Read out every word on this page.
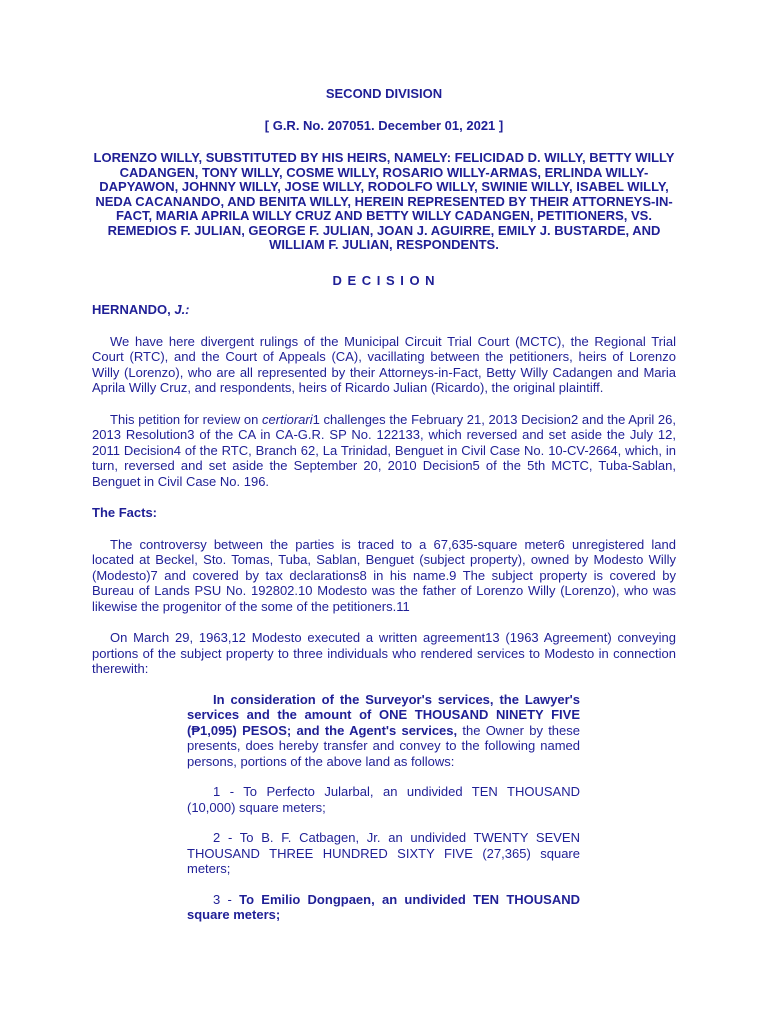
SECOND DIVISION
[ G.R. No. 207051. December 01, 2021 ]
LORENZO WILLY, SUBSTITUTED BY HIS HEIRS, NAMELY: FELICIDAD D. WILLY, BETTY WILLY CADANGEN, TONY WILLY, COSME WILLY, ROSARIO WILLY-ARMAS, ERLINDA WILLY-DAPYAWON, JOHNNY WILLY, JOSE WILLY, RODOLFO WILLY, SWINIE WILLY, ISABEL WILLY, NEDA CACANANDO, AND BENITA WILLY, HEREIN REPRESENTED BY THEIR ATTORNEYS-IN-FACT, MARIA APRILA WILLY CRUZ AND BETTY WILLY CADANGEN, PETITIONERS, VS. REMEDIOS F. JULIAN, GEORGE F. JULIAN, JOAN J. AGUIRRE, EMILY J. BUSTARDE, AND WILLIAM F. JULIAN, RESPONDENTS.
D E C I S I O N
HERNANDO, J.:

We have here divergent rulings of the Municipal Circuit Trial Court (MCTC), the Regional Trial Court (RTC), and the Court of Appeals (CA), vacillating between the petitioners, heirs of Lorenzo Willy (Lorenzo), who are all represented by their Attorneys-in-Fact, Betty Willy Cadangen and Maria Aprila Willy Cruz, and respondents, heirs of Ricardo Julian (Ricardo), the original plaintiff.

This petition for review on certiorari1 challenges the February 21, 2013 Decision2 and the April 26, 2013 Resolution3 of the CA in CA-G.R. SP No. 122133, which reversed and set aside the July 12, 2011 Decision4 of the RTC, Branch 62, La Trinidad, Benguet in Civil Case No. 10-CV-2664, which, in turn, reversed and set aside the September 20, 2010 Decision5 of the 5th MCTC, Tuba-Sablan, Benguet in Civil Case No. 196.

The Facts:

The controversy between the parties is traced to a 67,635-square meter6 unregistered land located at Beckel, Sto. Tomas, Tuba, Sablan, Benguet (subject property), owned by Modesto Willy (Modesto)7 and covered by tax declarations8 in his name.9 The subject property is covered by Bureau of Lands PSU No. 192802.10 Modesto was the father of Lorenzo Willy (Lorenzo), who was likewise the progenitor of the some of the petitioners.11

On March 29, 1963,12 Modesto executed a written agreement13 (1963 Agreement) conveying portions of the subject property to three individuals who rendered services to Modesto in connection therewith:

In consideration of the Surveyor's services, the Lawyer's services and the amount of ONE THOUSAND NINETY FIVE (₱1,095) PESOS; and the Agent's services, the Owner by these presents, does hereby transfer and convey to the following named persons, portions of the above land as follows:

1 - To Perfecto Jularbal, an undivided TEN THOUSAND (10,000) square meters;

2 - To B. F. Catbagen, Jr. an undivided TWENTY SEVEN THOUSAND THREE HUNDRED SIXTY FIVE (27,365) square meters;

3 - To Emilio Dongpaen, an undivided TEN THOUSAND square meters;
